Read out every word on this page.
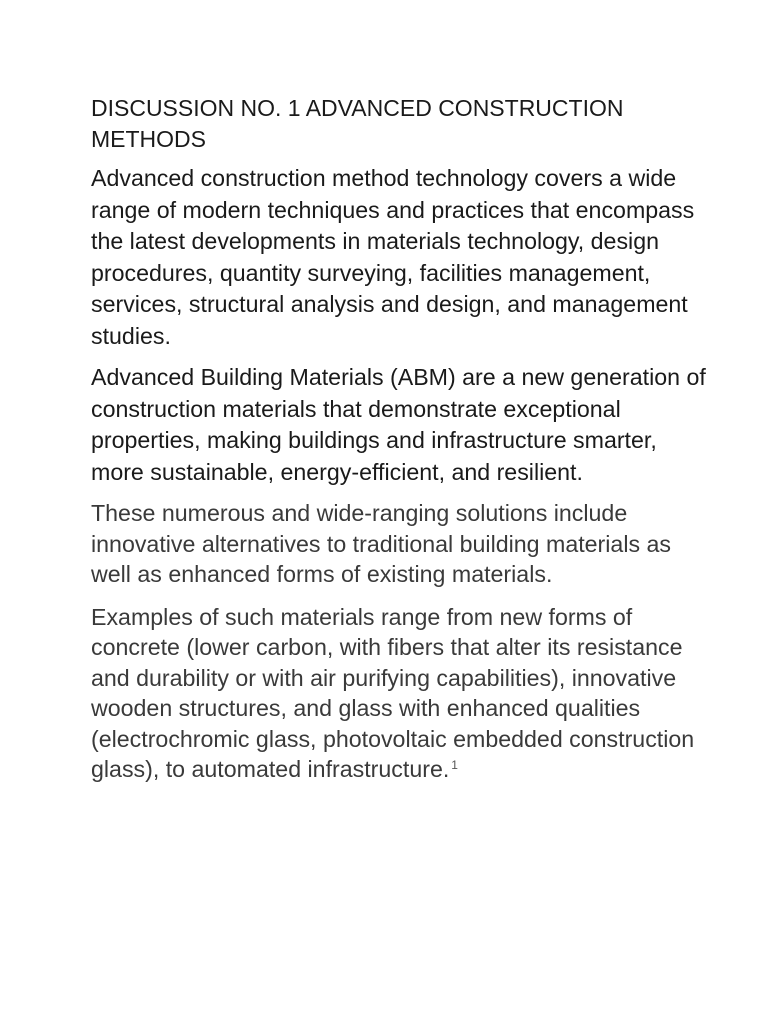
DISCUSSION NO. 1 ADVANCED CONSTRUCTION METHODS

Advanced construction method technology covers a wide range of modern techniques and practices that encompass the latest developments in materials technology, design procedures, quantity surveying, facilities management, services, structural analysis and design, and management studies.

Advanced Building Materials (ABM) are a new generation of construction materials that demonstrate exceptional properties, making buildings and infrastructure smarter, more sustainable, energy-efficient, and resilient.

These numerous and wide-ranging solutions include innovative alternatives to traditional building materials as well as enhanced forms of existing materials.

Examples of such materials range from new forms of concrete (lower carbon, with fibers that alter its resistance and durability or with air purifying capabilities), innovative wooden structures, and glass with enhanced qualities (electrochromic glass, photovoltaic embedded construction glass), to automated infrastructure. $^1$
